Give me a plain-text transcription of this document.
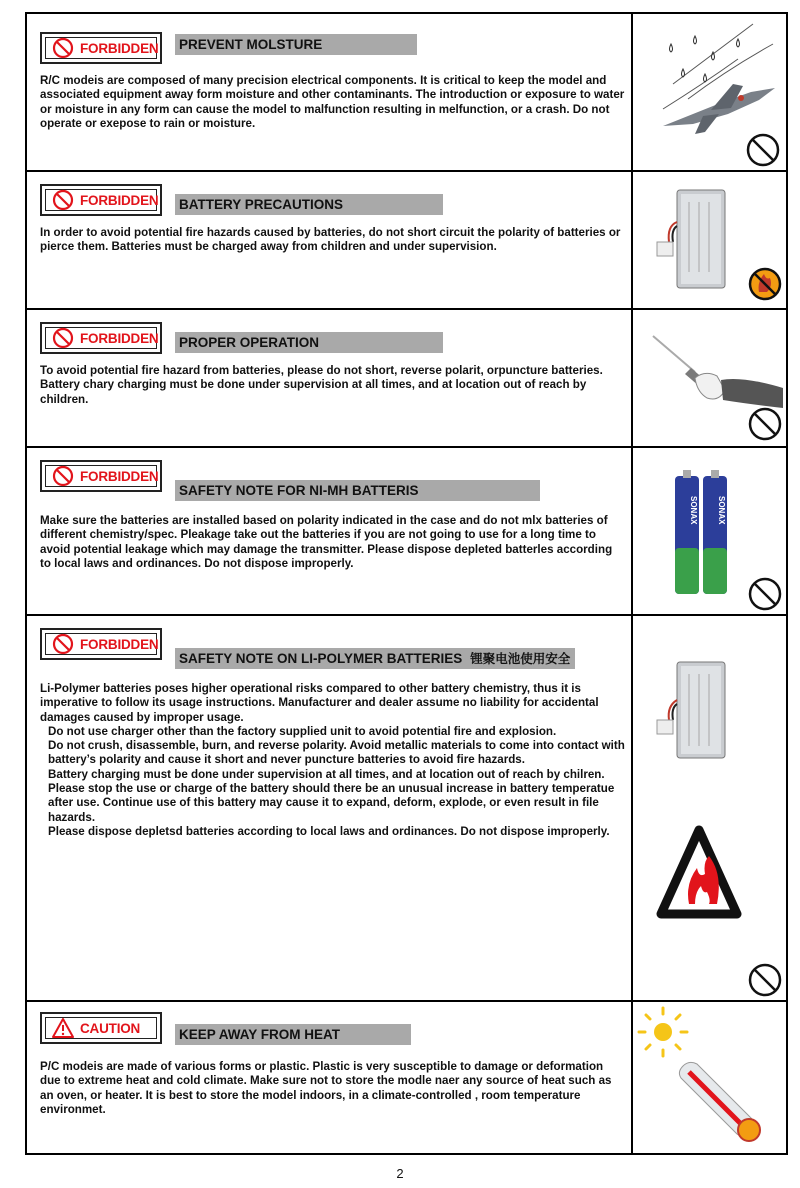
FORBIDDEN PREVENT MOLSTURE
R/C modeis are composed of many precision electrical components. It is critical to keep the model and associated equipment away form moisture and other contaminants. The introduction or exposure to water or moisture in any form can cause the model to malfunction resulting in melfunction, or a crash. Do not operate or exepose to rain or moisture.
FORBIDDEN BATTERY PRECAUTIONS
In order to avoid potential fire hazards caused by batteries, do not short circuit the polarity of batteries or pierce them. Batteries must be charged away from children and under supervision.
FORBIDDEN PROPER OPERATION
To avoid potential fire hazard from batteries, please do not short, reverse polarit, orpuncture batteries. Battery chary charging must be done under supervision at all times, and at location out of reach by children.
FORBIDDEN
SAFETY NOTE FOR NI-MH BATTERIS
Make sure the batteries are installed based on polarity indicated in the case and do not mlx batteries of different chemistry/spec. Pleakage take out the batteries if you are not going to use for a long time to avoid potential leakage which may damage the transmitter. Please dispose depleted batterles according to local laws and ordinances. Do not dispose improperly.
SONAX SONAX
FORBIDDEN
SAFETY NOTE ON LI-POLYMER BATTERIES 锂聚电池使用安全

Li-Polymer batteries poses higher operational risks compared to other battery chemistry, thus it is imperative to follow its usage instructions. Manufacturer and dealer assume no liability for accidental damages caused by improper usage.

Do not use charger other than the factory supplied unit to avoid potential fire and explosion.
Do not crush, disassemble, burn, and reverse polarity. Avoid metallic materials to come into contact with battery’s polarity and cause it short and never puncture batteries to avoid fire hazards.
Battery charging must be done under supervision at all times, and at location out of reach by chilren.
Please stop the use or charge of the battery should there be an unusual increase in battery temperatue after use. Continue use of this battery may cause it to expand, deform, explode, or even result in file hazards.
Please dispose depletsd batteries according to local laws and ordinances. Do not dispose improperly.
CAUTION	KEEP AWAY FROM HEAT
P/C modeis are made of various forms or plastic. Plastic is very susceptible to damage or deformation due to extreme heat and cold climate. Make sure not to store the modle naer any source of heat such as an oven, or heater. It is best to store the model indoors, in a climate-controlled , room temperature environmet.
2
